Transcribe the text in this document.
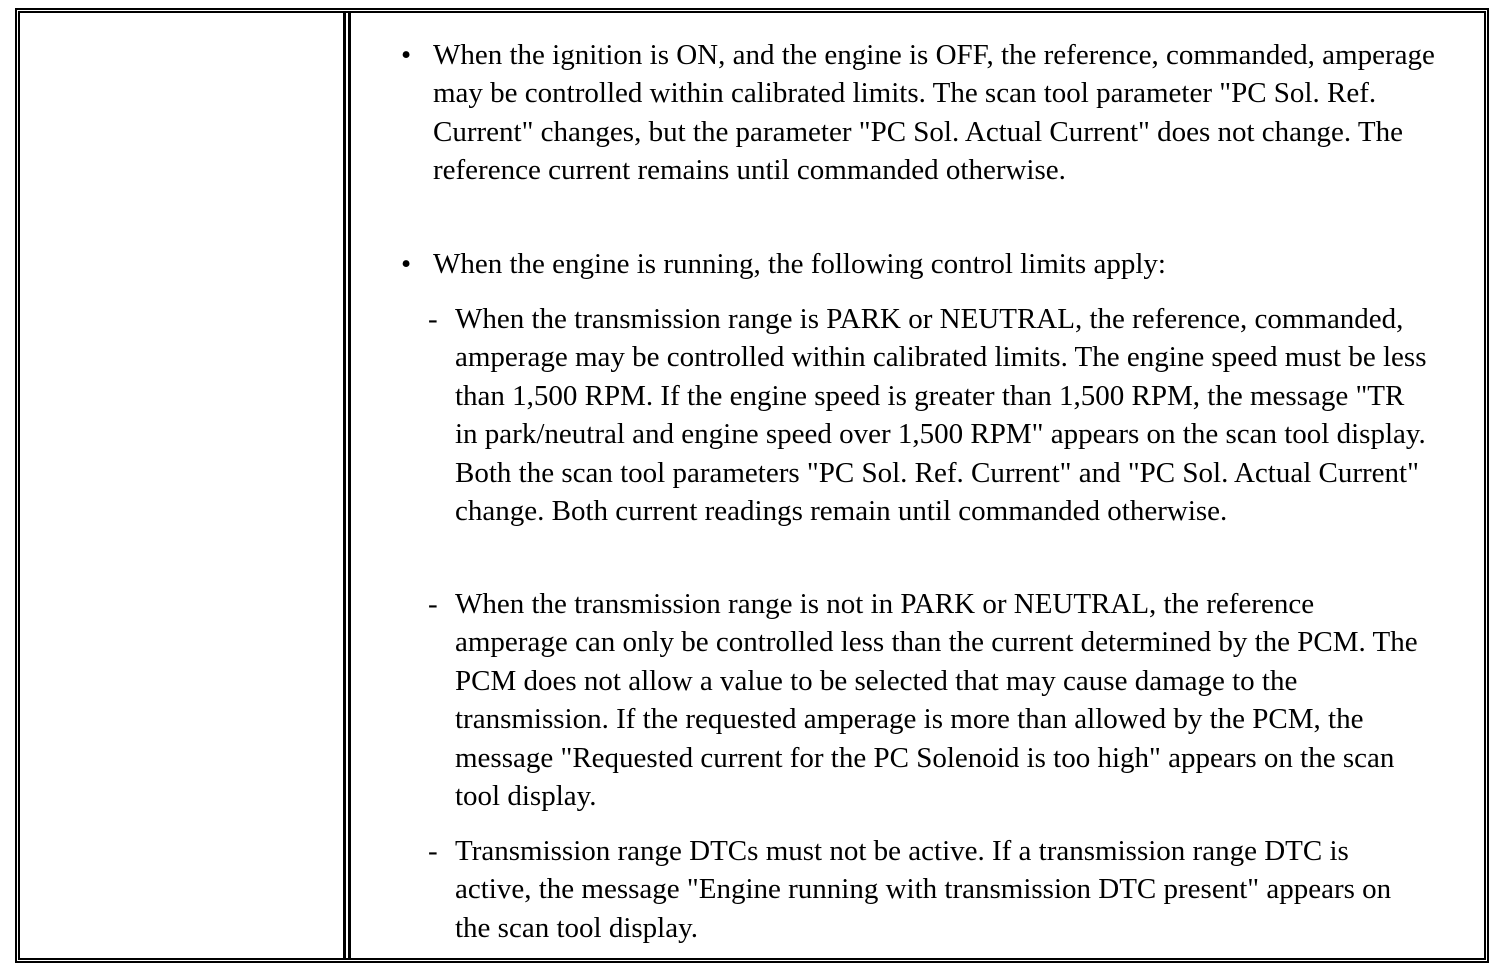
• When the ignition is ON, and the engine is OFF, the reference, commanded, amperage may be controlled within calibrated limits. The scan tool parameter "PC Sol. Ref. Current" changes, but the parameter "PC Sol. Actual Current" does not change. The reference current remains until commanded otherwise.
• When the engine is running, the following control limits apply:
- When the transmission range is PARK or NEUTRAL, the reference, commanded, amperage may be controlled within calibrated limits. The engine speed must be less than 1,500 RPM. If the engine speed is greater than 1,500 RPM, the message "TR in park/neutral and engine speed over 1,500 RPM" appears on the scan tool display. Both the scan tool parameters "PC Sol. Ref. Current" and "PC Sol. Actual Current" change. Both current readings remain until commanded otherwise.
- When the transmission range is not in PARK or NEUTRAL, the reference amperage can only be controlled less than the current determined by the PCM. The PCM does not allow a value to be selected that may cause damage to the transmission. If the requested amperage is more than allowed by the PCM, the message "Requested current for the PC Solenoid is too high" appears on the scan tool display.
- Transmission range DTCs must not be active. If a transmission range DTC is active, the message "Engine running with transmission DTC present" appears on the scan tool display.
